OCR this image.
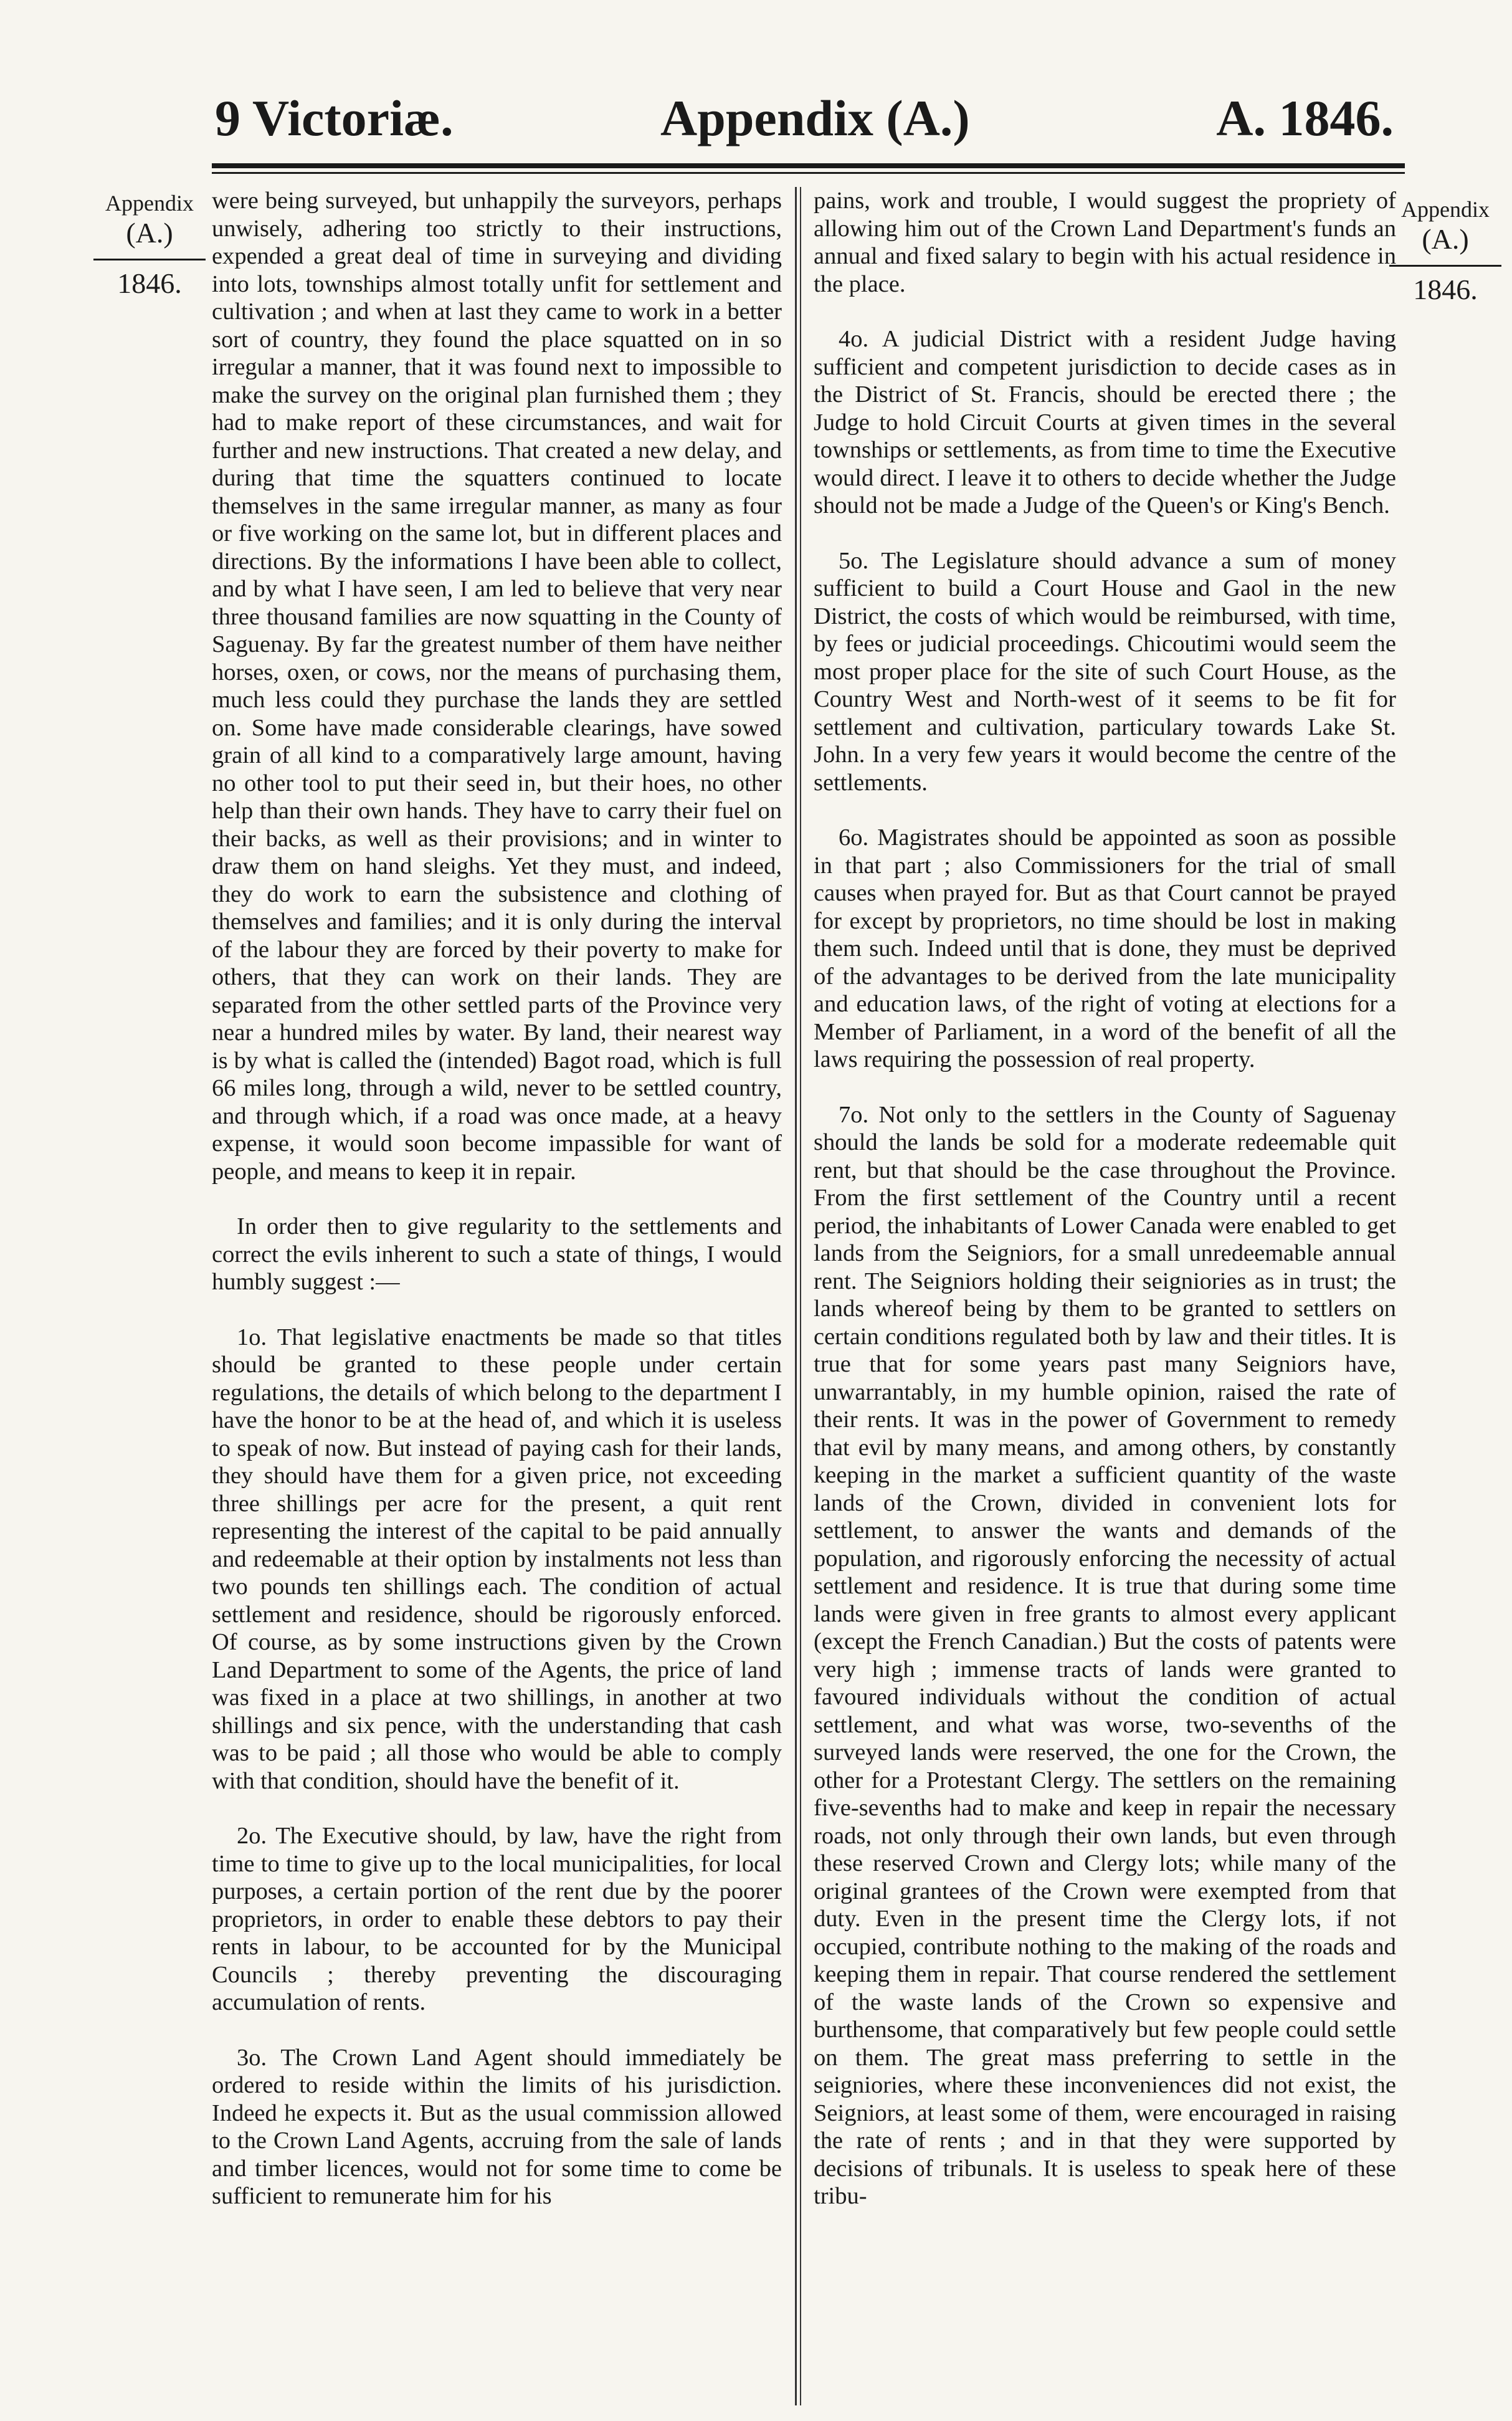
9 Victoriæ.	Appendix (A.)	A. 1846.
Appendix
(A.)
1846.
Appendix
(A.)
1846.

were being surveyed, but unhappily the surveyors, perhaps unwisely, adhering too strictly to their instructions, expended a great deal of time in surveying and dividing into lots, townships almost totally unfit for settlement and cultivation ; and when at last they came to work in a better sort of country, they found the place squatted on in so irregular a manner, that it was found next to impossible to make the survey on the original plan furnished them ; they had to make report of these circumstances, and wait for further and new instructions. That created a new delay, and during that time the squatters continued to locate themselves in the same irregular manner, as many as four or five working on the same lot, but in different places and directions. By the informations I have been able to collect, and by what I have seen, I am led to believe that very near three thousand families are now squatting in the County of Saguenay. By far the greatest number of them have neither horses, oxen, or cows, nor the means of purchasing them, much less could they purchase the lands they are settled on. Some have made considerable clearings, have sowed grain of all kind to a comparatively large amount, having no other tool to put their seed in, but their hoes, no other help than their own hands. They have to carry their fuel on their backs, as well as their provisions; and in winter to draw them on hand sleighs. Yet they must, and indeed, they do work to earn the subsistence and clothing of themselves and families; and it is only during the interval of the labour they are forced by their poverty to make for others, that they can work on their lands. They are separated from the other settled parts of the Province very near a hundred miles by water. By land, their nearest way is by what is called the (intended) Bagot road, which is full 66 miles long, through a wild, never to be settled country, and through which, if a road was once made, at a heavy expense, it would soon become impassible for want of people, and means to keep it in repair.

In order then to give regularity to the settlements and correct the evils inherent to such a state of things, I would humbly suggest :—

1o. That legislative enactments be made so that titles should be granted to these people under certain regulations, the details of which belong to the department I have the honor to be at the head of, and which it is useless to speak of now. But instead of paying cash for their lands, they should have them for a given price, not exceeding three shillings per acre for the present, a quit rent representing the interest of the capital to be paid annually and redeemable at their option by instalments not less than two pounds ten shillings each. The condition of actual settlement and residence, should be rigorously enforced. Of course, as by some instructions given by the Crown Land Department to some of the Agents, the price of land was fixed in a place at two shillings, in another at two shillings and six pence, with the understanding that cash was to be paid ; all those who would be able to comply with that condition, should have the benefit of it.

2o. The Executive should, by law, have the right from time to time to give up to the local municipalities, for local purposes, a certain portion of the rent due by the poorer proprietors, in order to enable these debtors to pay their rents in labour, to be accounted for by the Municipal Councils ; thereby preventing the discouraging accumulation of rents.

3o. The Crown Land Agent should immediately be ordered to reside within the limits of his jurisdiction. Indeed he expects it. But as the usual commission allowed to the Crown Land Agents, accruing from the sale of lands and timber licences, would not for some time to come be sufficient to remunerate him for his

pains, work and trouble, I would suggest the propriety of allowing him out of the Crown Land Department's funds an annual and fixed salary to begin with his actual residence in the place.

4o. A judicial District with a resident Judge having sufficient and competent jurisdiction to decide cases as in the District of St. Francis, should be erected there ; the Judge to hold Circuit Courts at given times in the several townships or settlements, as from time to time the Executive would direct. I leave it to others to decide whether the Judge should not be made a Judge of the Queen's or King's Bench.

5o. The Legislature should advance a sum of money sufficient to build a Court House and Gaol in the new District, the costs of which would be reimbursed, with time, by fees or judicial proceedings. Chicoutimi would seem the most proper place for the site of such Court House, as the Country West and North-west of it seems to be fit for settlement and cultivation, particulary towards Lake St. John. In a very few years it would become the centre of the settlements.

6o. Magistrates should be appointed as soon as possible in that part ; also Commissioners for the trial of small causes when prayed for. But as that Court cannot be prayed for except by proprietors, no time should be lost in making them such. Indeed until that is done, they must be deprived of the advantages to be derived from the late municipality and education laws, of the right of voting at elections for a Member of Parliament, in a word of the benefit of all the laws requiring the possession of real property.

7o. Not only to the settlers in the County of Saguenay should the lands be sold for a moderate redeemable quit rent, but that should be the case throughout the Province. From the first settlement of the Country until a recent period, the inhabitants of Lower Canada were enabled to get lands from the Seigniors, for a small unredeemable annual rent. The Seigniors holding their seigniories as in trust; the lands whereof being by them to be granted to settlers on certain conditions regulated both by law and their titles. It is true that for some years past many Seigniors have, unwarrantably, in my humble opinion, raised the rate of their rents. It was in the power of Government to remedy that evil by many means, and among others, by constantly keeping in the market a sufficient quantity of the waste lands of the Crown, divided in convenient lots for settlement, to answer the wants and demands of the population, and rigorously enforcing the necessity of actual settlement and residence. It is true that during some time lands were given in free grants to almost every applicant (except the French Canadian.) But the costs of patents were very high ; immense tracts of lands were granted to favoured individuals without the condition of actual settlement, and what was worse, two-sevenths of the surveyed lands were reserved, the one for the Crown, the other for a Protestant Clergy. The settlers on the remaining five-sevenths had to make and keep in repair the necessary roads, not only through their own lands, but even through these reserved Crown and Clergy lots; while many of the original grantees of the Crown were exempted from that duty. Even in the present time the Clergy lots, if not occupied, contribute nothing to the making of the roads and keeping them in repair. That course rendered the settlement of the waste lands of the Crown so expensive and burthensome, that comparatively but few people could settle on them. The great mass preferring to settle in the seigniories, where these inconveniences did not exist, the Seigniors, at least some of them, were encouraged in raising the rate of rents ; and in that they were supported by decisions of tribunals. It is useless to speak here of these tribu-
